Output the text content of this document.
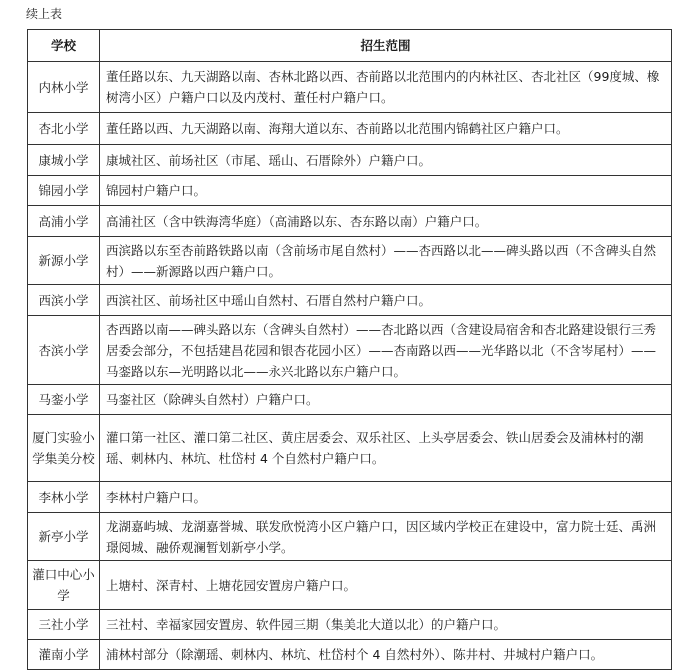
续上表
学校	招生范围
内林小学	董任路以东、九天湖路以南、杏林北路以西、杏前路以北范围内的内林社区、杏北社区（99度城、橡树湾小区）户籍户口以及内茂村、董任村户籍户口。
杏北小学	董任路以西、九天湖路以南、海翔大道以东、杏前路以北范围内锦鹤社区户籍户口。
康城小学	康城社区、前场社区（市尾、瑶山、石厝除外）户籍户口。
锦园小学	锦园村户籍户口。
高浦小学	高浦社区（含中铁海湾华庭）（高浦路以东、杏东路以南）户籍户口。
新源小学	西滨路以东至杏前路铁路以南（含前场市尾自然村）——杏西路以北——碑头路以西（不含碑头自然村）——新源路以西户籍户口。
西滨小学	西滨社区、前场社区中瑶山自然村、石厝自然村户籍户口。
杏滨小学	杏西路以南——碑头路以东（含碑头自然村）——杏北路以西（含建设局宿舍和杏北路建设银行三秀居委会部分，不包括建昌花园和银杏花园小区）——杏南路以西——光华路以北（不含岑尾村）——马銮路以东—光明路以北——永兴北路以东户籍户口。
马銮小学	马銮社区（除碑头自然村）户籍户口。
厦门实验小学集美分校	灌口第一社区、灌口第二社区、黄庄居委会、双乐社区、上头亭居委会、铁山居委会及浦林村的潮瑶、刺林内、林坑、杜岱村 4 个自然村户籍户口。
李林小学	李林村户籍户口。
新亭小学	龙湖嘉屿城、龙湖嘉誉城、联发欣悦湾小区户籍户口，因区域内学校正在建设中，富力院士廷、禹洲璟阅城、融侨观澜暂划新亭小学。
灌口中心小学	上塘村、深青村、上塘花园安置房户籍户口。
三社小学	三社村、幸福家园安置房、软件园三期（集美北大道以北）的户籍户口。
灌南小学	浦林村部分（除潮瑶、刺林内、林坑、杜岱村个 4 自然村外）、陈井村、井城村户籍户口。
